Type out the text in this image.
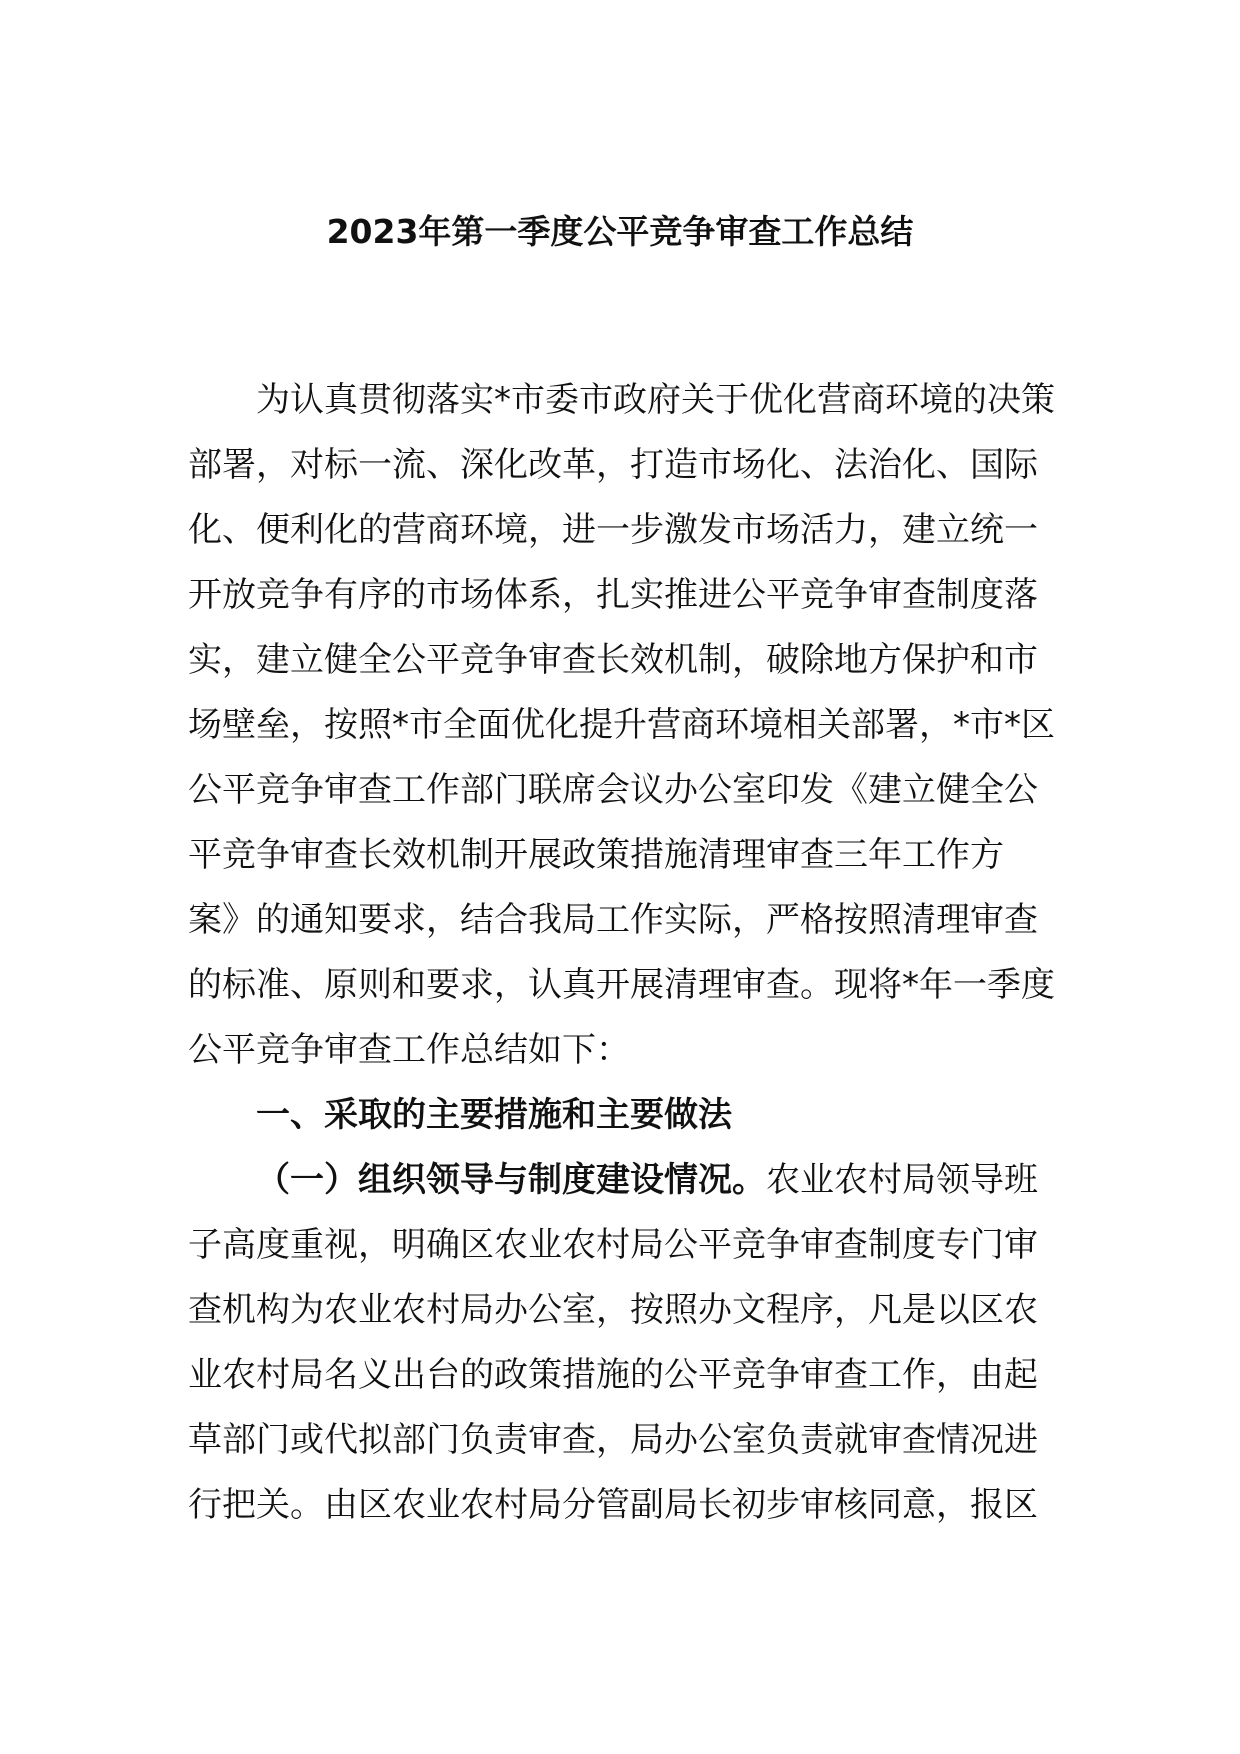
2023年第一季度公平竞争审查工作总结
为认真贯彻落实*市委市政府关于优化营商环境的决策
部署，对标一流、深化改革，打造市场化、法治化、国际
化、便利化的营商环境，进一步激发市场活力，建立统一
开放竞争有序的市场体系，扎实推进公平竞争审查制度落
实，建立健全公平竞争审查长效机制，破除地方保护和市
场壁垒，按照*市全面优化提升营商环境相关部署，*市*区
公平竞争审查工作部门联席会议办公室印发《建立健全公
平竞争审查长效机制开展政策措施清理审查三年工作方
案》的通知要求，结合我局工作实际，严格按照清理审查
的标准、原则和要求，认真开展清理审查。现将*年一季度
公平竞争审查工作总结如下：
一、采取的主要措施和主要做法
（一）组织领导与制度建设情况。农业农村局领导班
子高度重视，明确区农业农村局公平竞争审查制度专门审
查机构为农业农村局办公室，按照办文程序，凡是以区农
业农村局名义出台的政策措施的公平竞争审查工作，由起
草部门或代拟部门负责审查，局办公室负责就审查情况进
行把关。由区农业农村局分管副局长初步审核同意，报区
